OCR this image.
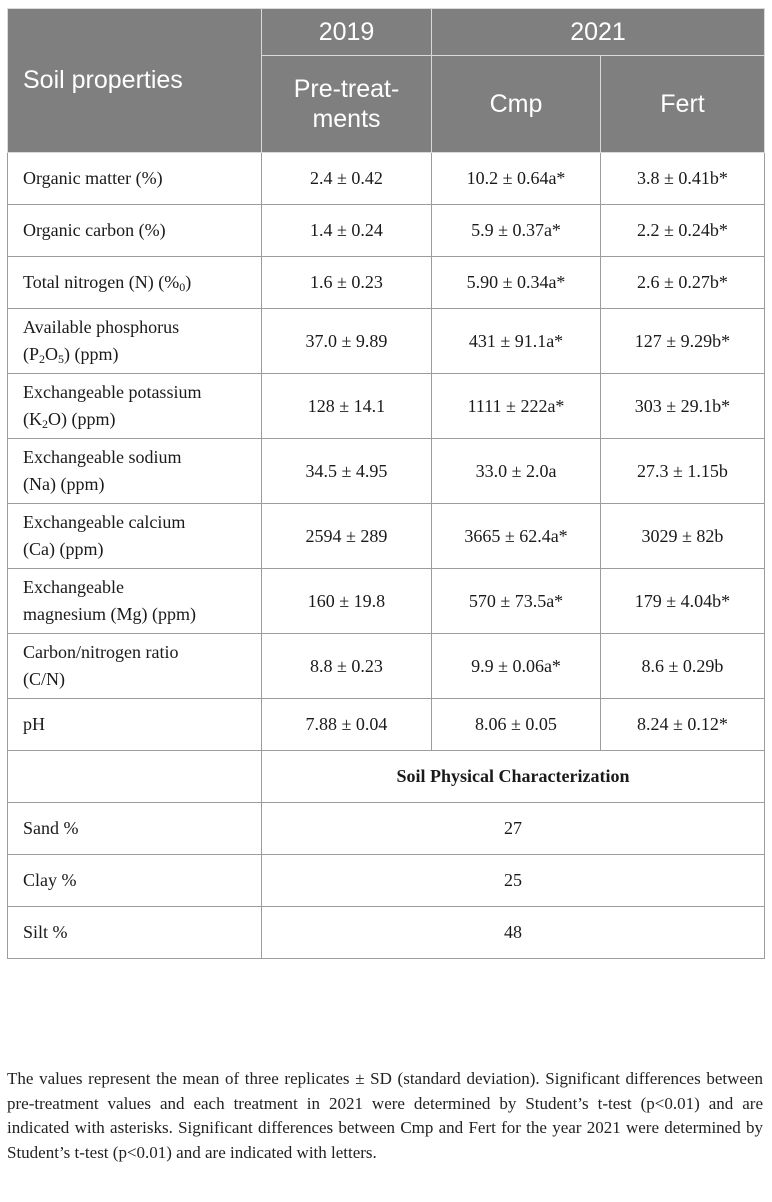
Soil properties	2019	2021	
	Pre-treat-ments	Cmp	Fert
Organic matter (%)	2.4 ± 0.42	10.2 ± 0.64a*	3.8 ± 0.41b*
Organic carbon (%)	1.4 ± 0.24	5.9 ± 0.37a*	2.2 ± 0.24b*
Total nitrogen (N) $(\%_0)$	1.6 ± 0.23	5.90 ± 0.34a*	2.6 ± 0.27b*
Available phosphorus
$(P_2O_5)$ (ppm)	37.0 ± 9.89	431 ± 91.1a*	127 ± 9.29b*
Exchangeable potassium
$(K_2O)$ (ppm)	128 ± 14.1	1111 ± 222a*	303 ± 29.1b*
Exchangeable sodium
(Na) (ppm)	34.5 ± 4.95	33.0 ± 2.0a	27.3 ± 1.15b
Exchangeable calcium
(Ca) (ppm)	2594 ± 289	3665 ± 62.4a*	3029 ± 82b
Exchangeable
magnesium (Mg) (ppm)	160 ± 19.8	570 ± 73.5a*	179 ± 4.04b*
Carbon/nitrogen ratio
(C/N)	8.8 ± 0.23	9.9 ± 0.06a*	8.6 ± 0.29b
pH	7.88 ± 0.04	8.06 ± 0.05	8.24 ± 0.12*
	Soil Physical Characterization		
Sand %	27		
Clay %	25		
Silt %	48		

The values represent the mean of three replicates ± SD (standard deviation). Significant differences between pre-treatment values and each treatment in 2021 were determined by Student’s t-test (p<0.01) and are indicated with asterisks. Significant differences between Cmp and Fert for the year 2021 were determined by Student’s t-test (p<0.01) and are indicated with letters.
